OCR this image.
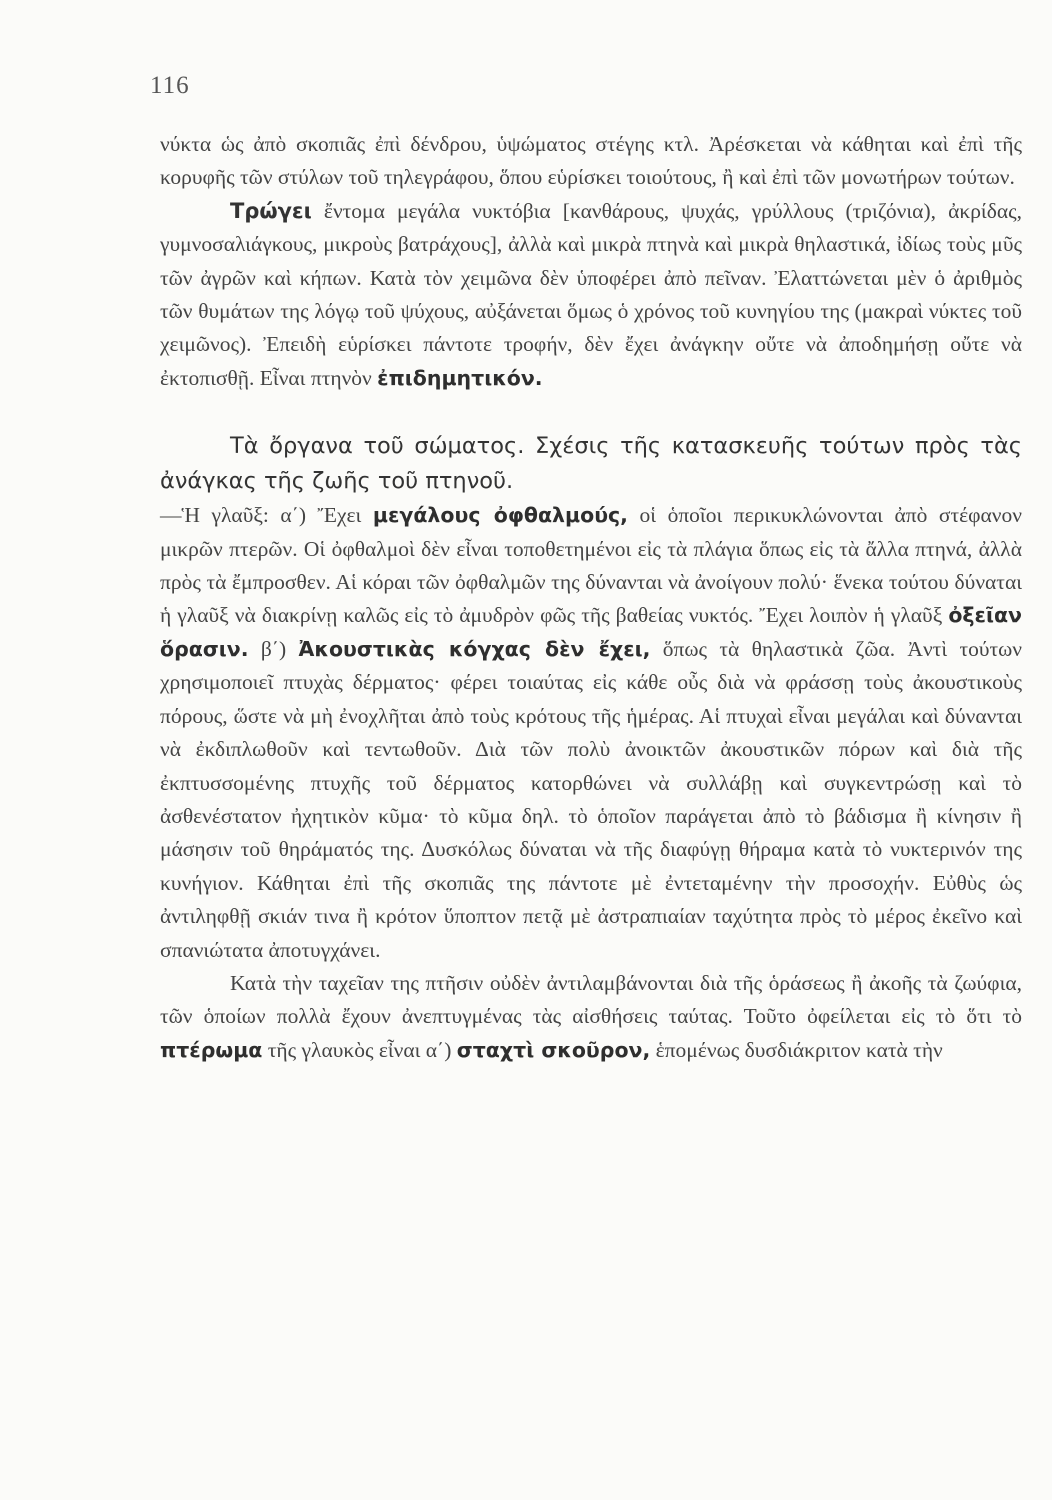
116

νύκτα ὡς ἀπὸ σκοπιᾶς ἐπὶ δένδρου, ὑψώματος στέγης κτλ. Ἀρέσκεται νὰ κάθηται καὶ ἐπὶ τῆς κορυφῆς τῶν στύλων τοῦ τηλεγράφου, ὅπου εὑρίσκει τοιούτους, ἢ καὶ ἐπὶ τῶν μονωτήρων τούτων.

Τρώγει ἔντομα μεγάλα νυκτόβια [κανθάρους, ψυχάς, γρύλλους (τριζόνια), ἀκρίδας, γυμνοσαλιάγκους, μικροὺς βατράχους], ἀλλὰ καὶ μικρὰ πτηνὰ καὶ μικρὰ θηλαστικά, ἰδίως τοὺς μῦς τῶν ἀγρῶν καὶ κήπων. Κατὰ τὸν χειμῶνα δὲν ὑποφέρει ἀπὸ πεῖναν. Ἐλαττώνεται μὲν ὁ ἀριθμὸς τῶν θυμάτων της λόγῳ τοῦ ψύχους, αὐξάνεται ὅμως ὁ χρόνος τοῦ κυνηγίου της (μακραὶ νύκτες τοῦ χειμῶνος). Ἐπειδὴ εὑρίσκει πάντοτε τροφήν, δὲν ἔχει ἀνάγκην οὔτε νὰ ἀποδημήσῃ οὔτε νὰ ἐκτοπισθῇ. Εἶναι πτηνὸν ἐπιδημητικόν.

Τὰ ὄργανα τοῦ σώματος. Σχέσις τῆς κατασκευῆς τούτων πρὸς τὰς ἀνάγκας τῆς ζωῆς τοῦ πτηνοῦ.

—Ἡ γλαῦξ: α΄) Ἔχει μεγάλους ὀφθαλμούς, οἱ ὁποῖοι περικυκλώνονται ἀπὸ στέφανον μικρῶν πτερῶν. Οἱ ὀφθαλμοὶ δὲν εἶναι τοποθετημένοι εἰς τὰ πλάγια ὅπως εἰς τὰ ἄλλα πτηνά, ἀλλὰ πρὸς τὰ ἔμπροσθεν. Αἱ κόραι τῶν ὀφθαλμῶν της δύνανται νὰ ἀνοίγουν πολύ· ἕνεκα τούτου δύναται ἡ γλαῦξ νὰ διακρίνῃ καλῶς εἰς τὸ ἀμυδρὸν φῶς τῆς βαθείας νυκτός. Ἔχει λοιπὸν ἡ γλαῦξ ὀξεῖαν ὅρασιν. β΄) Ἀκουστικὰς κόγχας δὲν ἔχει, ὅπως τὰ θηλαστικὰ ζῶα. Ἀντὶ τούτων χρησιμοποιεῖ πτυχὰς δέρματος· φέρει τοιαύτας εἰς κάθε οὖς διὰ νὰ φράσσῃ τοὺς ἀκουστικοὺς πόρους, ὥστε νὰ μὴ ἐνοχλῆται ἀπὸ τοὺς κρότους τῆς ἡμέρας. Αἱ πτυχαὶ εἶναι μεγάλαι καὶ δύνανται νὰ ἐκδιπλωθοῦν καὶ τεντωθοῦν. Διὰ τῶν πολὺ ἀνοικτῶν ἀκουστικῶν πόρων καὶ διὰ τῆς ἐκπτυσσομένης πτυχῆς τοῦ δέρματος κατορθώνει νὰ συλλάβῃ καὶ συγκεντρώσῃ καὶ τὸ ἀσθενέστατον ἠχητικὸν κῦμα· τὸ κῦμα δηλ. τὸ ὁποῖον παράγεται ἀπὸ τὸ βάδισμα ἢ κίνησιν ἢ μάσησιν τοῦ θηράματός της. Δυσκόλως δύναται νὰ τῆς διαφύγῃ θήραμα κατὰ τὸ νυκτερινόν της κυνήγιον. Κάθηται ἐπὶ τῆς σκοπιᾶς της πάντοτε μὲ ἐντεταμένην τὴν προσοχήν. Εὐθὺς ὡς ἀντιληφθῇ σκιάν τινα ἢ κρότον ὕποπτον πετᾷ μὲ ἀστραπιαίαν ταχύτητα πρὸς τὸ μέρος ἐκεῖνο καὶ σπανιώτατα ἀποτυγχάνει.

Κατὰ τὴν ταχεῖαν της πτῆσιν οὐδὲν ἀντιλαμβάνονται διὰ τῆς ὁράσεως ἢ ἀκοῆς τὰ ζωύφια, τῶν ὁποίων πολλὰ ἔχουν ἀνεπτυγμένας τὰς αἰσθήσεις ταύτας. Τοῦτο ὀφείλεται εἰς τὸ ὅτι τὸ πτέρωμα τῆς γλαυκὸς εἶναι α΄) σταχτὶ σκοῦρον, ἑπομένως δυσδιάκριτον κατὰ τὴν
